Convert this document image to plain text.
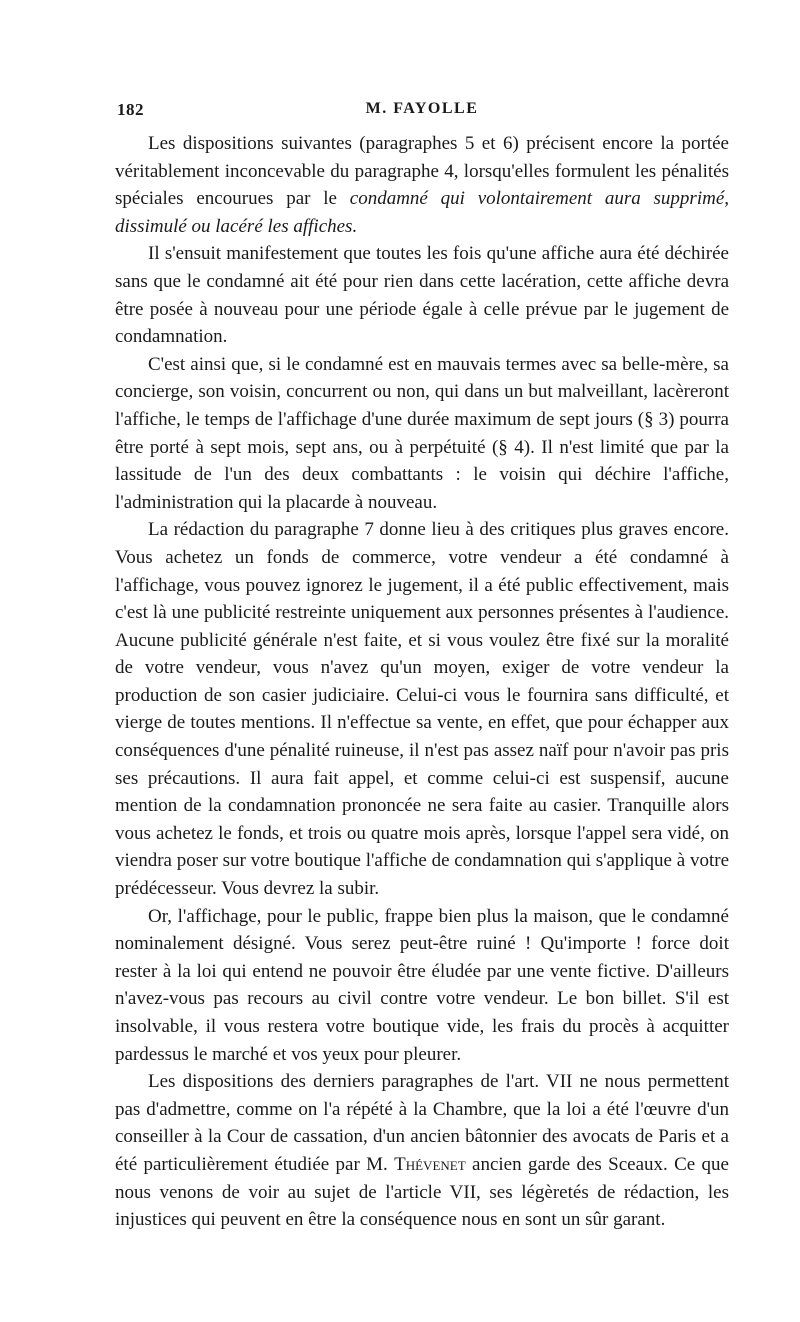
182	M. FAYOLLE

Les dispositions suivantes (paragraphes 5 et 6) précisent encore la portée véritablement inconcevable du paragraphe 4, lorsqu'elles formulent les pénalités spéciales encourues par le condamné qui volontairement aura supprimé, dissimulé ou lacéré les affiches.

Il s'ensuit manifestement que toutes les fois qu'une affiche aura été déchirée sans que le condamné ait été pour rien dans cette lacération, cette affiche devra être posée à nouveau pour une période égale à celle prévue par le jugement de condamnation.

C'est ainsi que, si le condamné est en mauvais termes avec sa belle-mère, sa concierge, son voisin, concurrent ou non, qui dans un but malveillant, lacèreront l'affiche, le temps de l'affichage d'une durée maximum de sept jours (§ 3) pourra être porté à sept mois, sept ans, ou à perpétuité (§ 4). Il n'est limité que par la lassitude de l'un des deux combattants : le voisin qui déchire l'affiche, l'administration qui la placarde à nouveau.

La rédaction du paragraphe 7 donne lieu à des critiques plus graves encore. Vous achetez un fonds de commerce, votre vendeur a été condamné à l'affichage, vous pouvez ignorez le jugement, il a été public effectivement, mais c'est là une publicité restreinte uniquement aux personnes présentes à l'audience. Aucune publicité générale n'est faite, et si vous voulez être fixé sur la moralité de votre vendeur, vous n'avez qu'un moyen, exiger de votre vendeur la production de son casier judiciaire. Celui-ci vous le fournira sans difficulté, et vierge de toutes mentions. Il n'effectue sa vente, en effet, que pour échapper aux conséquences d'une pénalité ruineuse, il n'est pas assez naïf pour n'avoir pas pris ses précautions. Il aura fait appel, et comme celui-ci est suspensif, aucune mention de la condamnation prononcée ne sera faite au casier. Tranquille alors vous achetez le fonds, et trois ou quatre mois après, lorsque l'appel sera vidé, on viendra poser sur votre boutique l'affiche de condamnation qui s'applique à votre prédécesseur. Vous devrez la subir.

Or, l'affichage, pour le public, frappe bien plus la maison, que le condamné nominalement désigné. Vous serez peut-être ruiné ! Qu'importe ! force doit rester à la loi qui entend ne pouvoir être éludée par une vente fictive. D'ailleurs n'avez-vous pas recours au civil contre votre vendeur. Le bon billet. S'il est insolvable, il vous restera votre boutique vide, les frais du procès à acquitter pardessus le marché et vos yeux pour pleurer.

Les dispositions des derniers paragraphes de l'art. VII ne nous permettent pas d'admettre, comme on l'a répété à la Chambre, que la loi a été l'œuvre d'un conseiller à la Cour de cassation, d'un ancien bâtonnier des avocats de Paris et a été particulièrement étudiée par M. Thévenet ancien garde des Sceaux. Ce que nous venons de voir au sujet de l'article VII, ses légèretés de rédaction, les injustices qui peuvent en être la conséquence nous en sont un sûr garant.
